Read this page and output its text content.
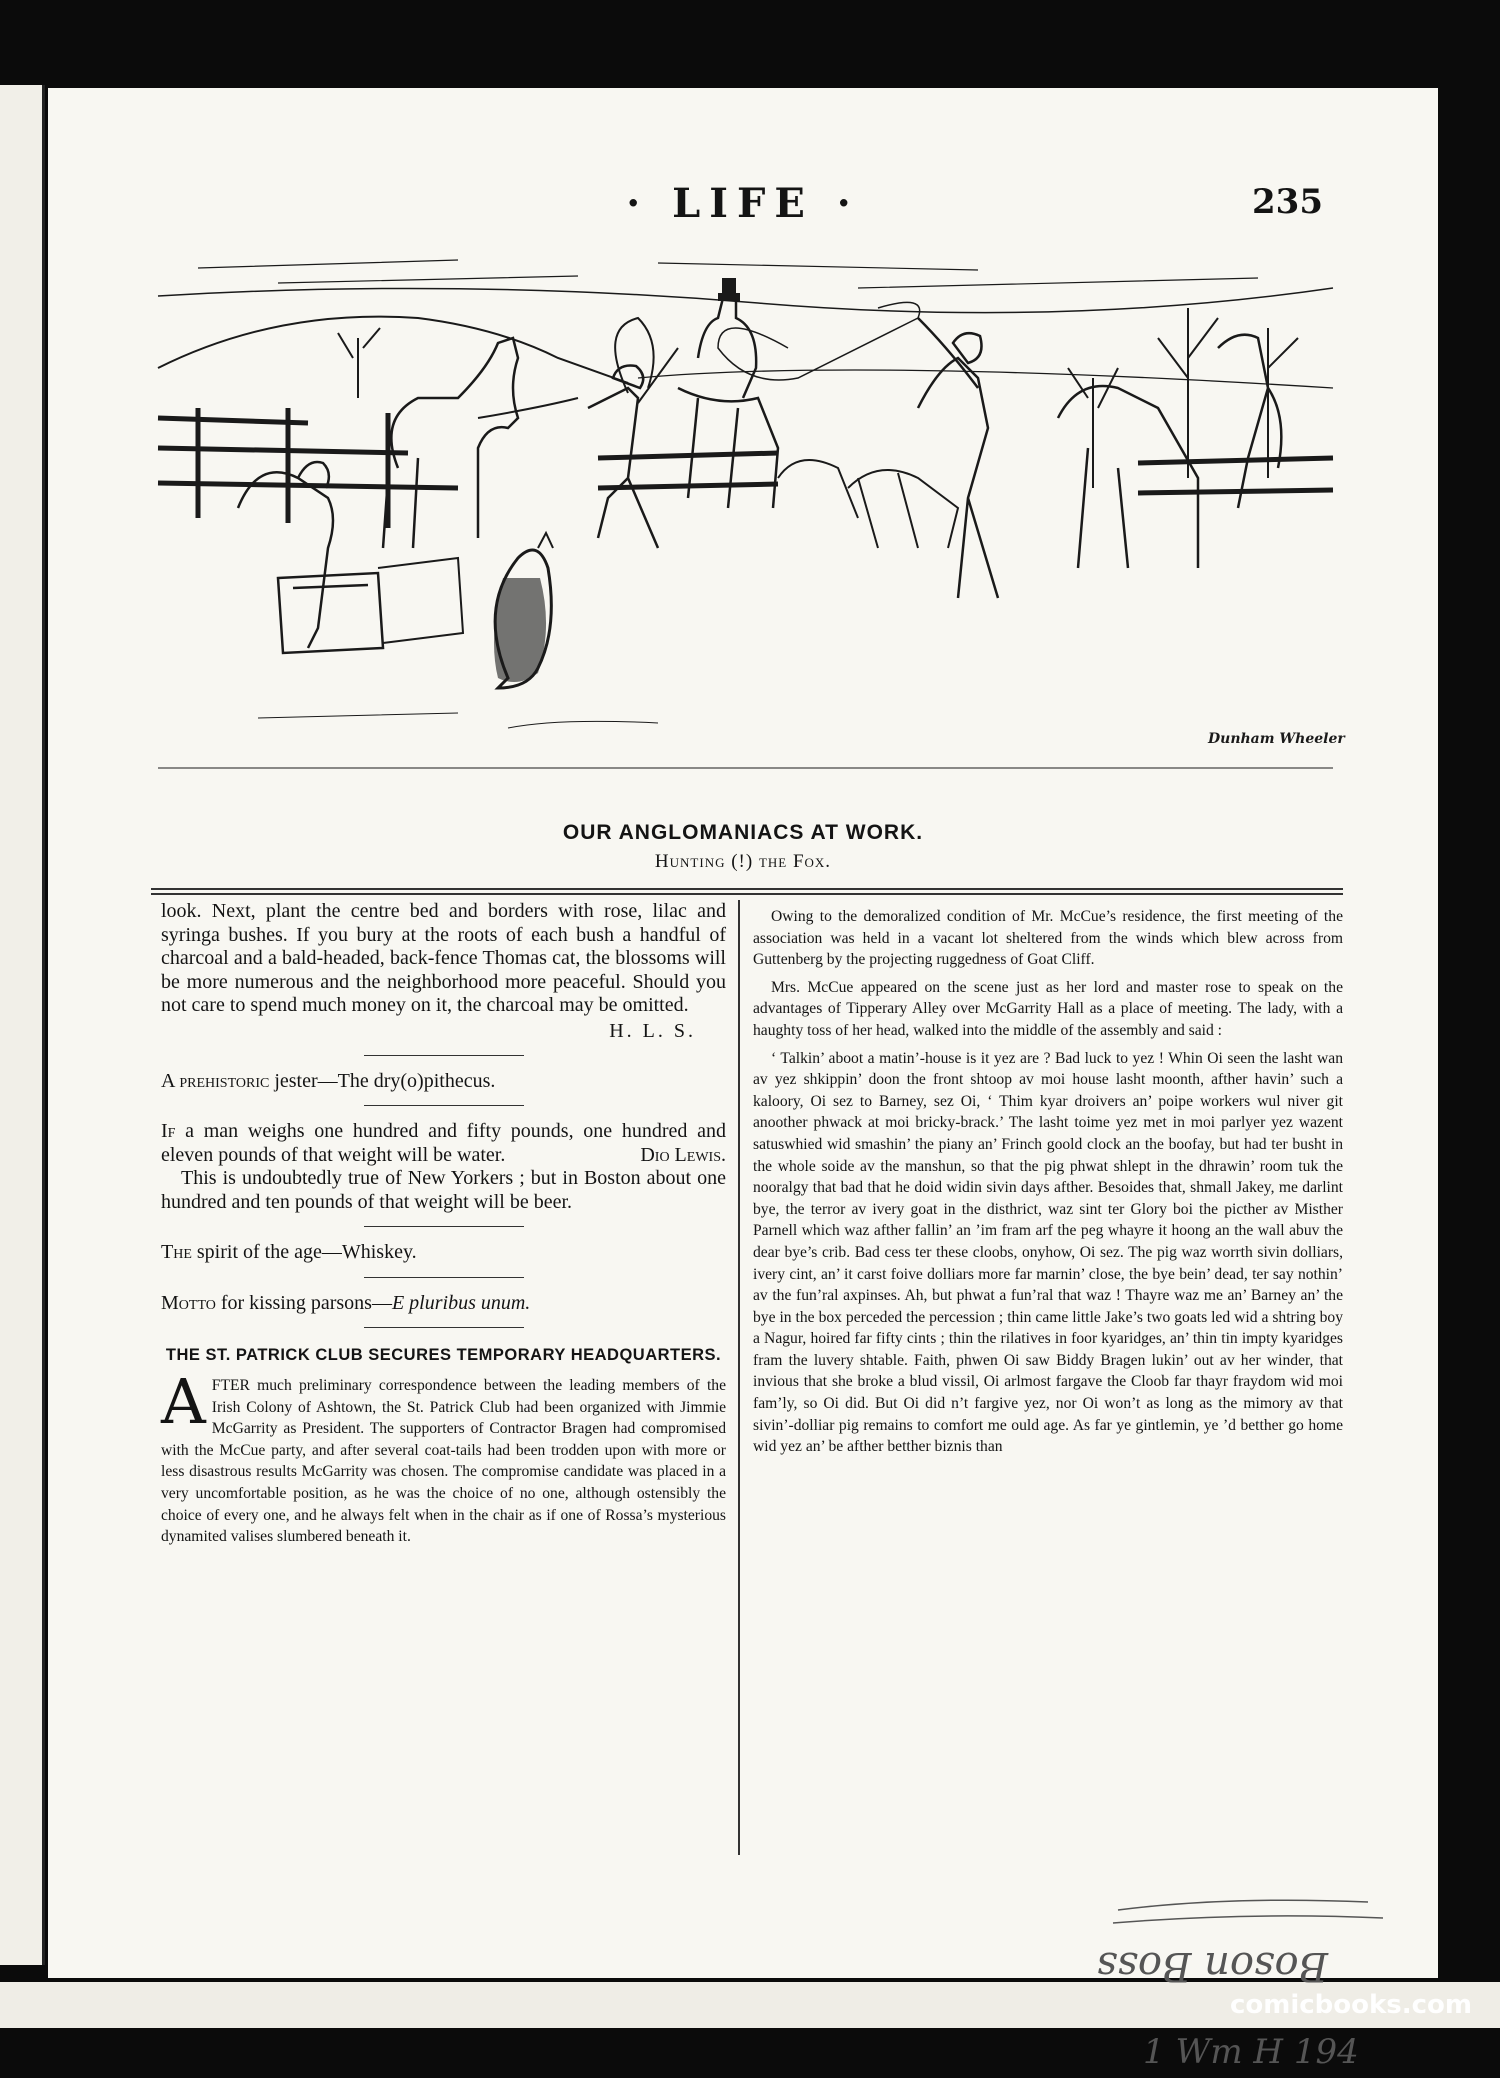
· LIFE ·	235
Dunham Wheeler
OUR ANGLOMANIACS AT WORK.
Hunting (!) the Fox.

look. Next, plant the centre bed and borders with rose, lilac and syringa bushes. If you bury at the roots of each bush a handful of charcoal and a bald-headed, back-fence Thomas cat, the blossoms will be more numerous and the neighborhood more peaceful. Should you not care to spend much money on it, the charcoal may be omitted.

H. L. S.

A prehistoric jester—The dry(o)pithecus.

If a man weighs one hundred and fifty pounds, one hundred and eleven pounds of that weight will be water.	Dio Lewis.

This is undoubtedly true of New Yorkers ; but in Boston about one hundred and ten pounds of that weight will be beer.

The spirit of the age—Whiskey.

Motto for kissing parsons—E pluribus unum.

THE ST. PATRICK CLUB SECURES TEMPORARY HEADQUARTERS.

AFTER much preliminary correspondence between the leading members of the Irish Colony of Ashtown, the St. Patrick Club had been organized with Jimmie McGarrity as President. The supporters of Contractor Bragen had compromised with the McCue party, and after several coat-tails had been trodden upon with more or less disastrous results McGarrity was chosen. The compromise candidate was placed in a very uncomfortable position, as he was the choice of no one, although ostensibly the choice of every one, and he always felt when in the chair as if one of Rossa’s mysterious dynamited valises slumbered beneath it.

Owing to the demoralized condition of Mr. McCue’s residence, the first meeting of the association was held in a vacant lot sheltered from the winds which blew across from Guttenberg by the projecting ruggedness of Goat Cliff.

Mrs. McCue appeared on the scene just as her lord and master rose to speak on the advantages of Tipperary Alley over McGarrity Hall as a place of meeting. The lady, with a haughty toss of her head, walked into the middle of the assembly and said :

‘ Talkin’ aboot a matin’-house is it yez are ? Bad luck to yez ! Whin Oi seen the lasht wan av yez shkippin’ doon the front shtoop av moi house lasht moonth, afther havin’ such a kaloory, Oi sez to Barney, sez Oi, ‘ Thim kyar droivers an’ poipe workers wul niver git anoother phwack at moi bricky-brack.’ The lasht toime yez met in moi parlyer yez wazent satuswhied wid smashin’ the piany an’ Frinch goold clock an the boofay, but had ter busht in the whole soide av the manshun, so that the pig phwat shlept in the dhrawin’ room tuk the nooralgy that bad that he doid widin sivin days afther. Besoides that, shmall Jakey, me darlint bye, the terror av ivery goat in the disthrict, waz sint ter Glory boi the picther av Misther Parnell which waz afther fallin’ an ’im fram arf the peg whayre it hoong an the wall abuv the dear bye’s crib. Bad cess ter these cloobs, onyhow, Oi sez. The pig waz worrth sivin dolliars, ivery cint, an’ it carst foive dolliars more far marnin’ close, the bye bein’ dead, ter say nothin’ av the fun’ral axpinses. Ah, but phwat a fun’ral that waz ! Thayre waz me an’ Barney an’ the bye in the box perceded the percession ; thin came little Jake’s two goats led wid a shtring boy a Nagur, hoired far fifty cints ; thin the rilatives in foor kyaridges, an’ thin tin impty kyaridges fram the luvery shtable. Faith, phwen Oi saw Biddy Bragen lukin’ out av her winder, that invious that she broke a blud vissil, Oi arlmost fargave the Cloob far thayr fraydom wid moi fam’ly, so Oi did. But Oi did n’t fargive yez, nor Oi won’t as long as the mimory av that sivin’-dolliar pig remains to comfort me ould age. As far ye gintlemin, ye ’d betther go home wid yez an’ be afther betther biznis than

Boson Boss
1 Wm H 194
comicbooks.com
